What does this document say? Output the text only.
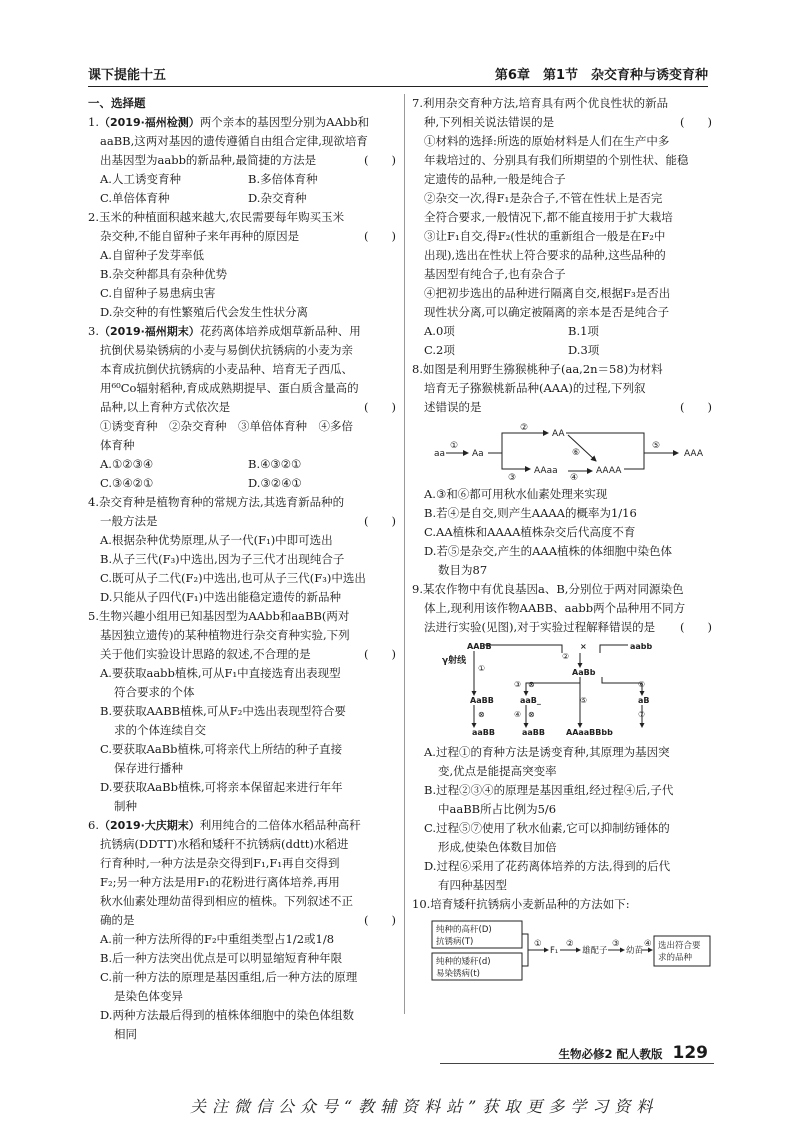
课下提能十五	第6章　第1节　杂交育种与诱变育种
一、选择题
1.（2019·福州检测）两个亲本的基因型分别为AAbb和
aaBB,这两对基因的遗传遵循自由组合定律,现欲培育
出基因型为aabb的新品种,最简捷的方法是	(　　)
A.人工诱变育种	B.多倍体育种
C.单倍体育种	D.杂交育种
2.玉米的种植面积越来越大,农民需要每年购买玉米
杂交种,不能自留种子来年再种的原因是	(　　)
A.自留种子发芽率低
B.杂交种都具有杂种优势
C.自留种子易患病虫害
D.杂交种的有性繁殖后代会发生性状分离
3.（2019·福州期末）花药离体培养成烟草新品种、用
抗倒伏易染锈病的小麦与易倒伏抗锈病的小麦为亲
本育成抗倒伏抗锈病的小麦品种、培育无子西瓜、
用⁶⁰Co辐射稻种,育成成熟期提早、蛋白质含量高的
品种,以上育种方式依次是	(　　)
①诱变育种　②杂交育种　③单倍体育种　④多倍
体育种
A.①②③④	B.④③②①
C.③④②①	D.③②④①
4.杂交育种是植物育种的常规方法,其选育新品种的
一般方法是	(　　)
A.根据杂种优势原理,从子一代(F₁)中即可选出
B.从子三代(F₃)中选出,因为子三代才出现纯合子
C.既可从子二代(F₂)中选出,也可从子三代(F₃)中选出
D.只能从子四代(F₁)中选出能稳定遗传的新品种
5.生物兴趣小组用已知基因型为AAbb和aaBB(两对
基因独立遗传)的某种植物进行杂交育种实验,下列
关于他们实验设计思路的叙述,不合理的是	(　　)
A.要获取aabb植株,可从F₁中直接选育出表现型
符合要求的个体
B.要获取AABB植株,可从F₂中选出表现型符合要
求的个体连续自交
C.要获取AaBb植株,可将亲代上所结的种子直接
保存进行播种
D.要获取AaBb植株,可将亲本保留起来进行年年
制种
6.（2019·大庆期末）利用纯合的二倍体水稻品种高秆
抗锈病(DDTT)水稻和矮秆不抗锈病(ddtt)水稻进
行育种时,一种方法是杂交得到F₁,F₁再自交得到
F₂;另一种方法是用F₁的花粉进行离体培养,再用
秋水仙素处理幼苗得到相应的植株。下列叙述不正
确的是	(　　)
A.前一种方法所得的F₂中重组类型占1/2或1/8
B.后一种方法突出优点是可以明显缩短育种年限
C.前一种方法的原理是基因重组,后一种方法的原理
是染色体变异
D.两种方法最后得到的植株体细胞中的染色体组数
相同
7.利用杂交育种方法,培育具有两个优良性状的新品
种,下列相关说法错误的是	(　　)
①材料的选择:所选的原始材料是人们在生产中多
年栽培过的、分别具有我们所期望的个别性状、能稳
定遗传的品种,一般是纯合子
②杂交一次,得F₁是杂合子,不管在性状上是否完
全符合要求,一般情况下,都不能直接用于扩大栽培
③让F₁自交,得F₂(性状的重新组合一般是在F₂中
出现),选出在性状上符合要求的品种,这些品种的
基因型有纯合子,也有杂合子
④把初步选出的品种进行隔离自交,根据F₃是否出
现性状分离,可以确定被隔离的亲本是否是纯合子
A.0项	B.1项
C.2项	D.3项
8.如图是利用野生猕猴桃种子(aa,2n＝58)为材料
培育无子猕猴桃新品种(AAA)的过程,下列叙
述错误的是	(　　)
aa	Aa
AA
AAaa	AAAA
AAA
①
②
③	④
⑤
⑥
A.③和⑥都可用秋水仙素处理来实现
B.若④是自交,则产生AAAA的概率为1/16
C.AA植株和AAAA植株杂交后代高度不育
D.若⑤是杂交,产生的AAA植株的体细胞中染色体
数目为87
9.某农作物中有优良基因a、B,分别位于两对同源染色
体上,现利用该作物AABB、aabb两个品种用不同方
法进行实验(见图),对于实验过程解释错误的是 (　　)
AABB	aabb
γ射线
×
AaBb
AaBB	aaB_
aaBB	aaBB	AAaaBBbb
aB
①
②
③
④
⑤
⑥
⑦
⊗
⊗
⊗
A.过程①的育种方法是诱变育种,其原理为基因突
变,优点是能提高突变率
B.过程②③④的原理是基因重组,经过程④后,子代
中aaBB所占比例为5/6
C.过程⑤⑦使用了秋水仙素,它可以抑制纺锤体的
形成,使染色体数目加倍
D.过程⑥采用了花药离体培养的方法,得到的后代
有四种基因型
10.培育矮秆抗锈病小麦新品种的方法如下:
纯种的高秆(D)
抗锈病(T)
纯种的矮秆(d)
易染锈病(t)
①
F₁
②
雄配子
③
幼苗
④ 选出符合要
求的品种
生物必修2 配人教版 129
关注微信公众号“教辅资料站”获取更多学习资料
